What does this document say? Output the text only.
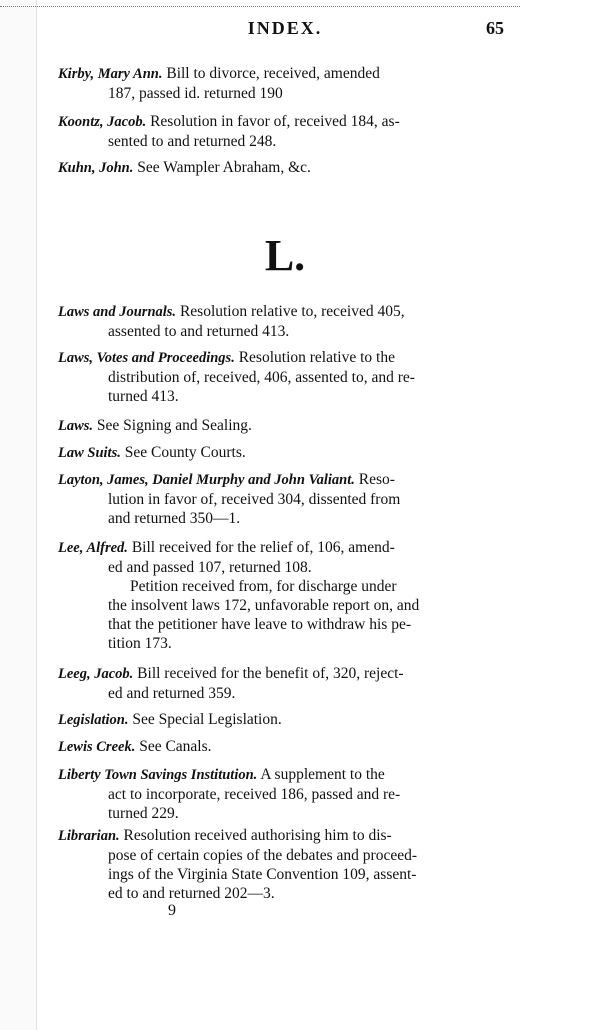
INDEX.	65
Kirby, Mary Ann. Bill to divorce, received, amended
187, passed id. returned 190
Koontz, Jacob. Resolution in favor of, received 184, as-
sented to and returned 248.
Kuhn, John. See Wampler Abraham, &c.
L.
Laws and Journals. Resolution relative to, received 405,
assented to and returned 413.
Laws, Votes and Proceedings. Resolution relative to the
distribution of, received, 406, assented to, and re-
turned 413.
Laws. See Signing and Sealing.
Law Suits. See County Courts.
Layton, James, Daniel Murphy and John Valiant. Reso-
lution in favor of, received 304, dissented from
and returned 350—1.
Lee, Alfred. Bill received for the relief of, 106, amend-
ed and passed 107, returned 108.
Petition received from, for discharge under
the insolvent laws 172, unfavorable report on, and
that the petitioner have leave to withdraw his pe-
tition 173.
Leeg, Jacob. Bill received for the benefit of, 320, reject-
ed and returned 359.
Legislation. See Special Legislation.
Lewis Creek. See Canals.
Liberty Town Savings Institution. A supplement to the
act to incorporate, received 186, passed and re-
turned 229.
Librarian. Resolution received authorising him to dis-
pose of certain copies of the debates and proceed-
ings of the Virginia State Convention 109, assent-
ed to and returned 202—3.
9
